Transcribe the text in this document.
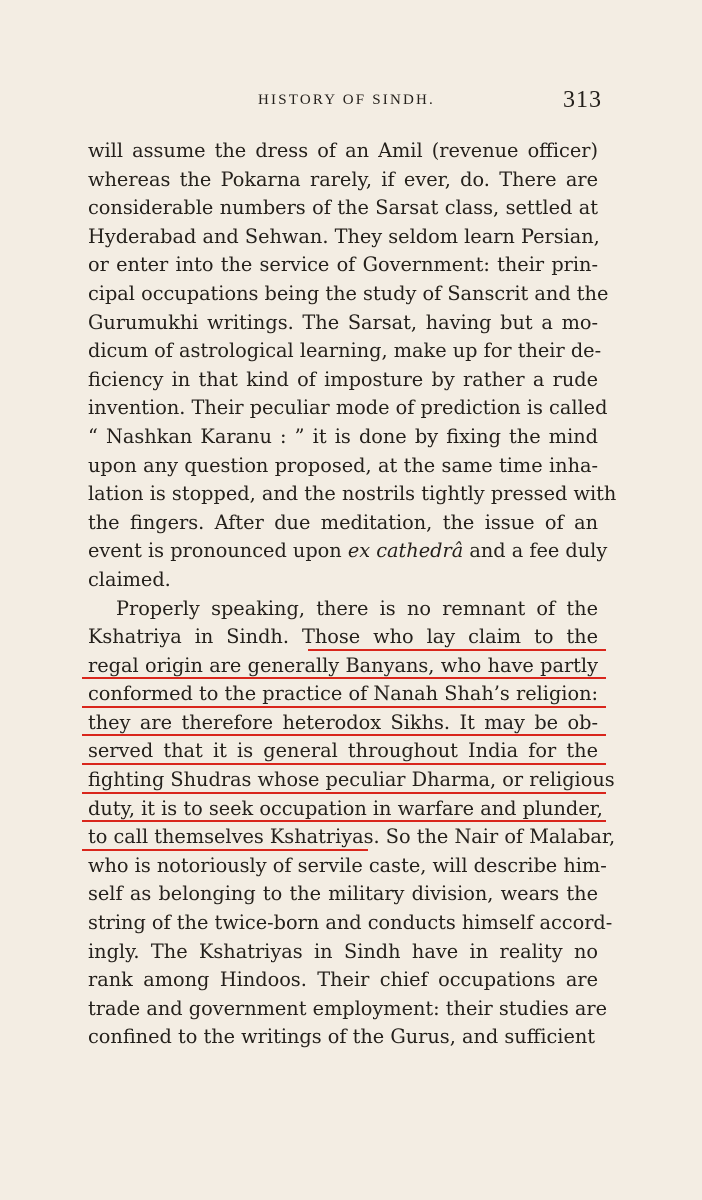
HISTORY OF SINDH.	313
will assume the dress of an Amil (revenue officer)
whereas the Pokarna rarely, if ever, do. There are
considerable numbers of the Sarsat class, settled at
Hyderabad and Sehwan. They seldom learn Persian,
or enter into the service of Government: their prin-
cipal occupations being the study of Sanscrit and the
Gurumukhi writings. The Sarsat, having but a mo-
dicum of astrological learning, make up for their de-
ficiency in that kind of imposture by rather a rude
invention. Their peculiar mode of prediction is called
“ Nashkan Karanu : ” it is done by fixing the mind
upon any question proposed, at the same time inha-
lation is stopped, and the nostrils tightly pressed with
the fingers. After due meditation, the issue of an
event is pronounced upon ex cathedrâ and a fee duly
claimed.
Properly speaking, there is no remnant of the
Kshatriya in Sindh. Those who lay claim to the
regal origin are generally Banyans, who have partly
conformed to the practice of Nanah Shah’s religion:
they are therefore heterodox Sikhs. It may be ob-
served that it is general throughout India for the
fighting Shudras whose peculiar Dharma, or religious
duty, it is to seek occupation in warfare and plunder,
to call themselves Kshatriyas. So the Nair of Malabar,
who is notoriously of servile caste, will describe him-
self as belonging to the military division, wears the
string of the twice-born and conducts himself accord-
ingly. The Kshatriyas in Sindh have in reality no
rank among Hindoos. Their chief occupations are
trade and government employment: their studies are
confined to the writings of the Gurus, and sufficient
